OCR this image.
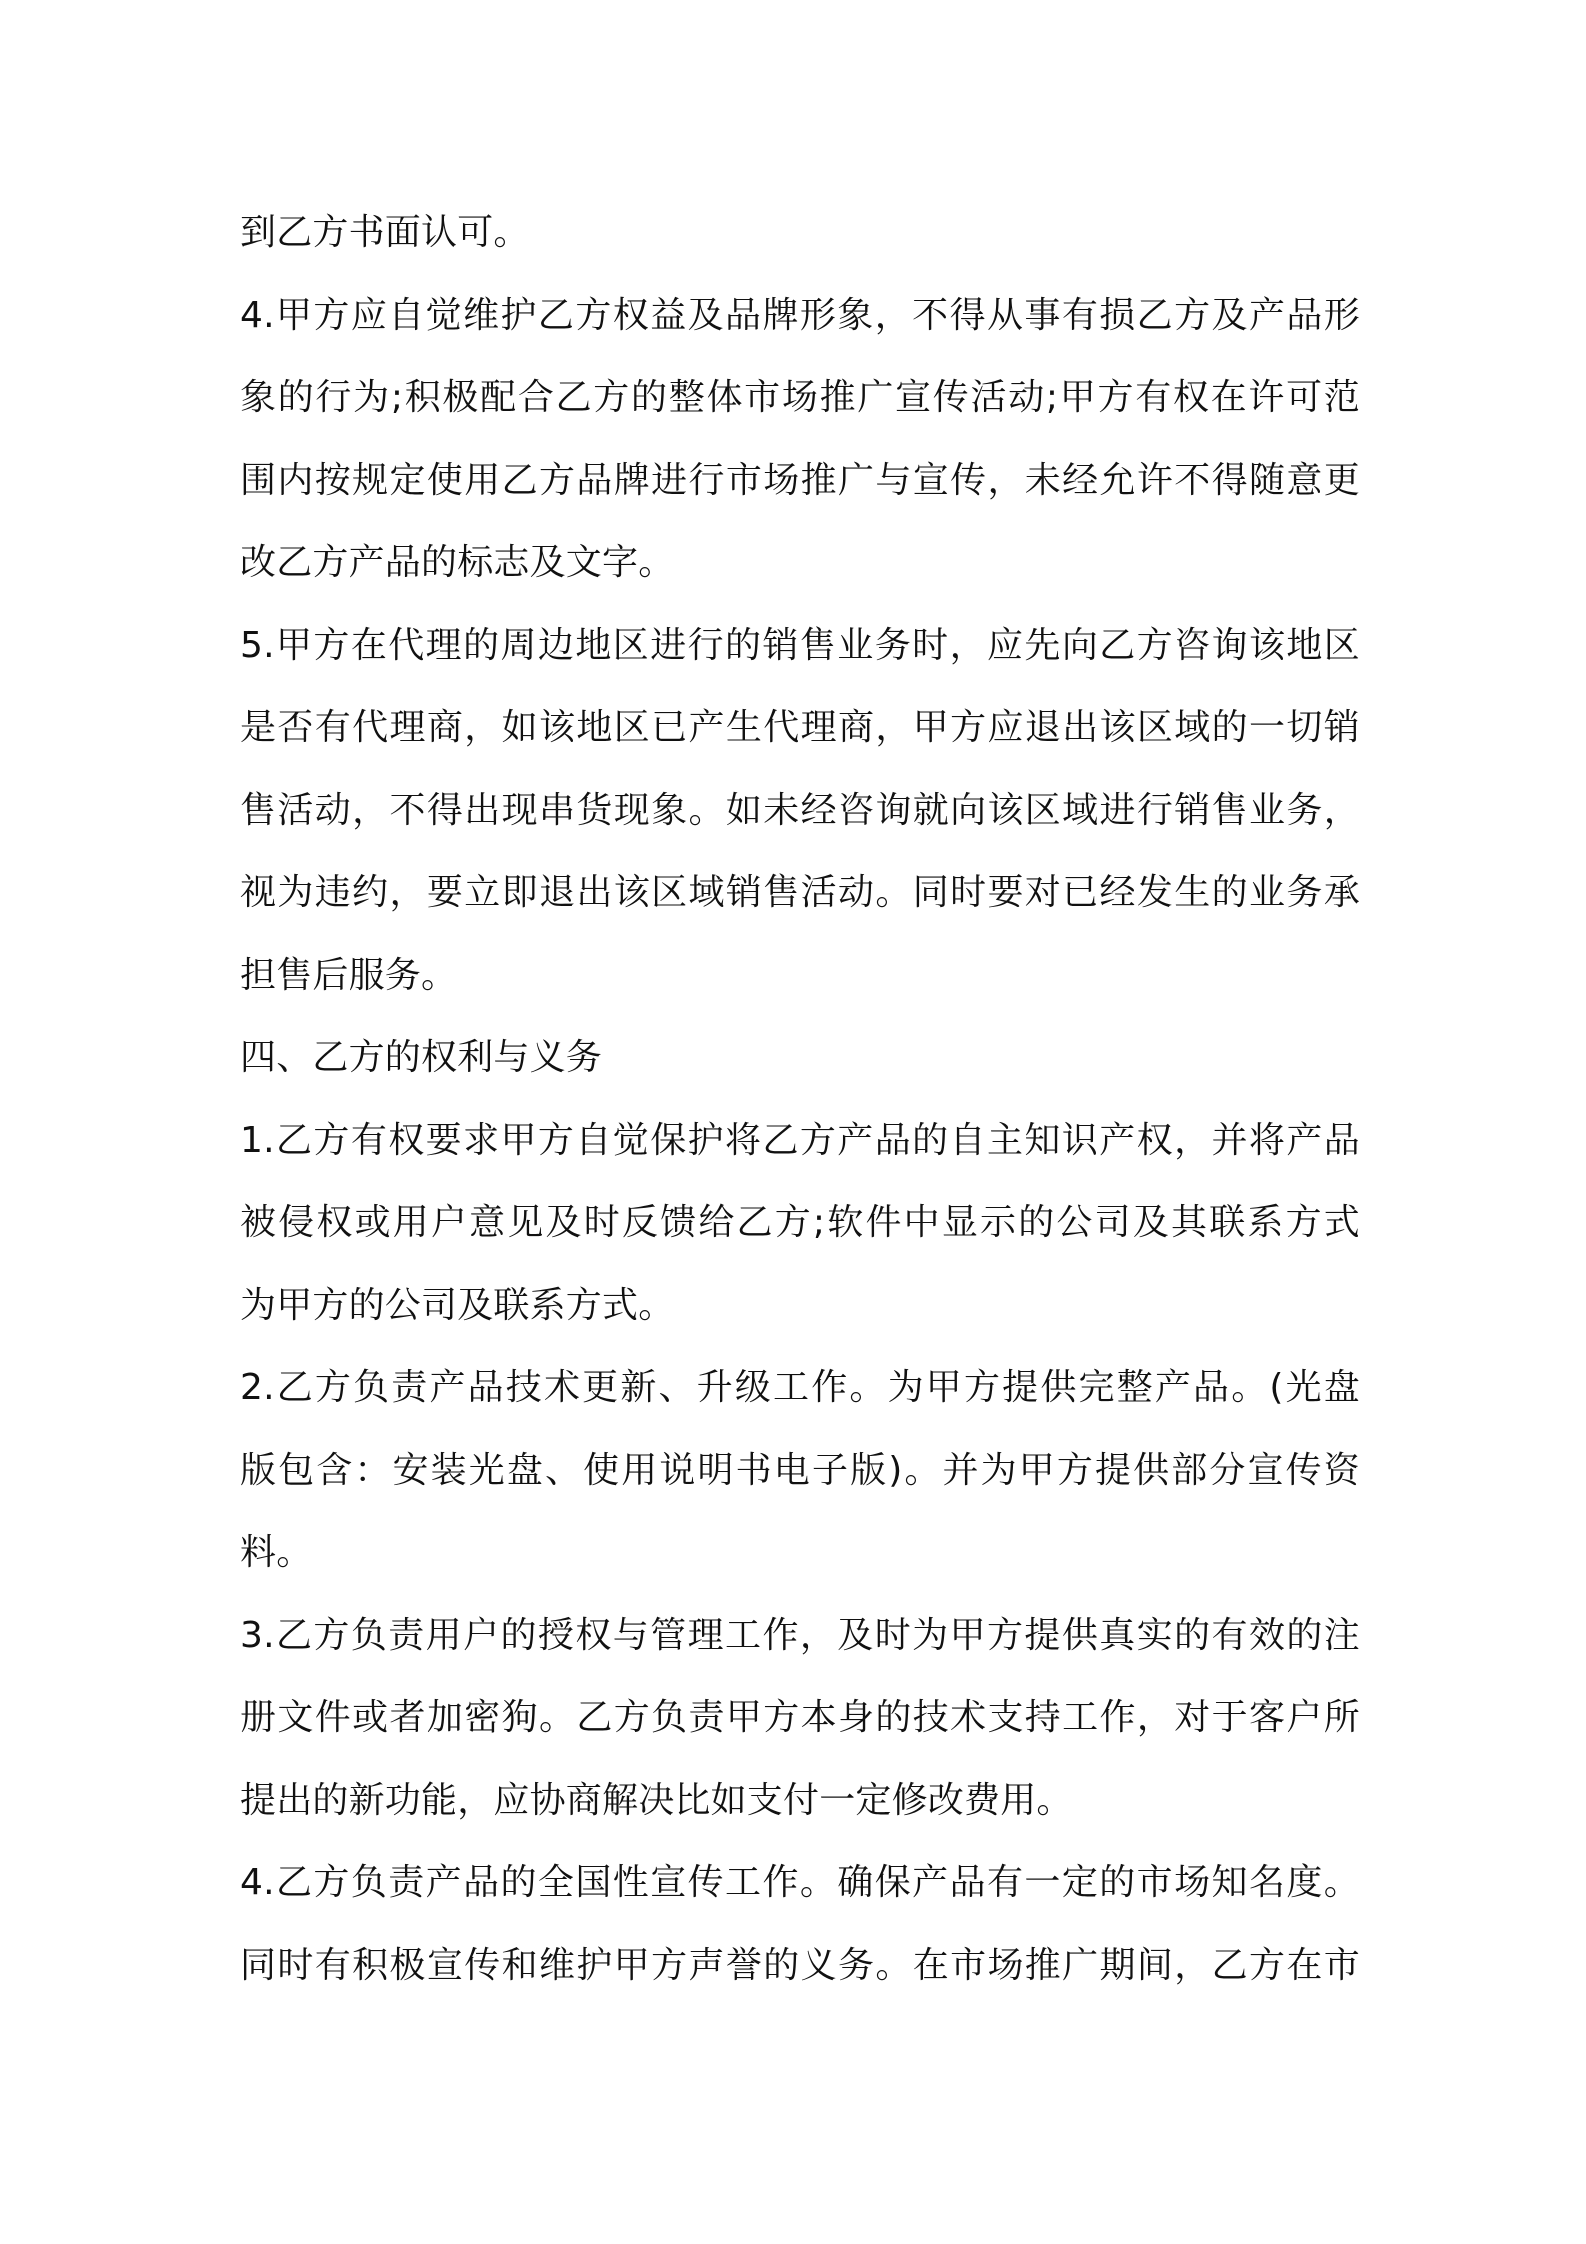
到乙方书面认可。
4.甲方应自觉维护乙方权益及品牌形象，不得从事有损乙方及产品形
象的行为;积极配合乙方的整体市场推广宣传活动;甲方有权在许可范
围内按规定使用乙方品牌进行市场推广与宣传，未经允许不得随意更
改乙方产品的标志及文字。
5.甲方在代理的周边地区进行的销售业务时，应先向乙方咨询该地区
是否有代理商，如该地区已产生代理商，甲方应退出该区域的一切销
售活动，不得出现串货现象。如未经咨询就向该区域进行销售业务，
视为违约，要立即退出该区域销售活动。同时要对已经发生的业务承
担售后服务。
四、乙方的权利与义务
1.乙方有权要求甲方自觉保护将乙方产品的自主知识产权，并将产品
被侵权或用户意见及时反馈给乙方;软件中显示的公司及其联系方式
为甲方的公司及联系方式。
2.乙方负责产品技术更新、升级工作。为甲方提供完整产品。(光盘
版包含：安装光盘、使用说明书电子版)。并为甲方提供部分宣传资
料。
3.乙方负责用户的授权与管理工作，及时为甲方提供真实的有效的注
册文件或者加密狗。乙方负责甲方本身的技术支持工作，对于客户所
提出的新功能，应协商解决比如支付一定修改费用。
4.乙方负责产品的全国性宣传工作。确保产品有一定的市场知名度。
同时有积极宣传和维护甲方声誉的义务。在市场推广期间，乙方在市
